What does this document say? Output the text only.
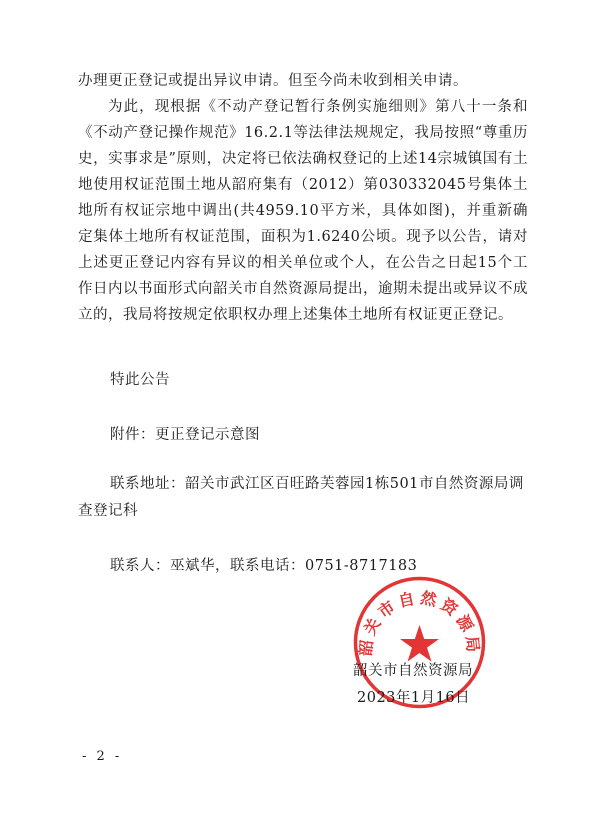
办理更正登记或提出异议申请。但至今尚未收到相关申请。

为此，现根据《不动产登记暂行条例实施细则》第八十一条和《不动产登记操作规范》16.2.1等法律法规规定，我局按照“尊重历史，实事求是”原则，决定将已依法确权登记的上述14宗城镇国有土地使用权证范围土地从韶府集有（2012）第030332045号集体土地所有权证宗地中调出(共4959.10平方米，具体如图)，并重新确定集体土地所有权证范围，面积为1.6240公顷。现予以公告，请对上述更正登记内容有异议的相关单位或个人，在公告之日起15个工作日内以书面形式向韶关市自然资源局提出，逾期未提出或异议不成立的，我局将按规定依职权办理上述集体土地所有权证更正登记。

特此公告

附件：更正登记示意图

联系地址：韶关市武江区百旺路芙蓉园1栋501市自然资源局调查登记科

联系人：巫斌华，联系电话：0751-8717183

韶关市自然资源局
韶关市自然资源局
2023年1月16日
- 2 -
